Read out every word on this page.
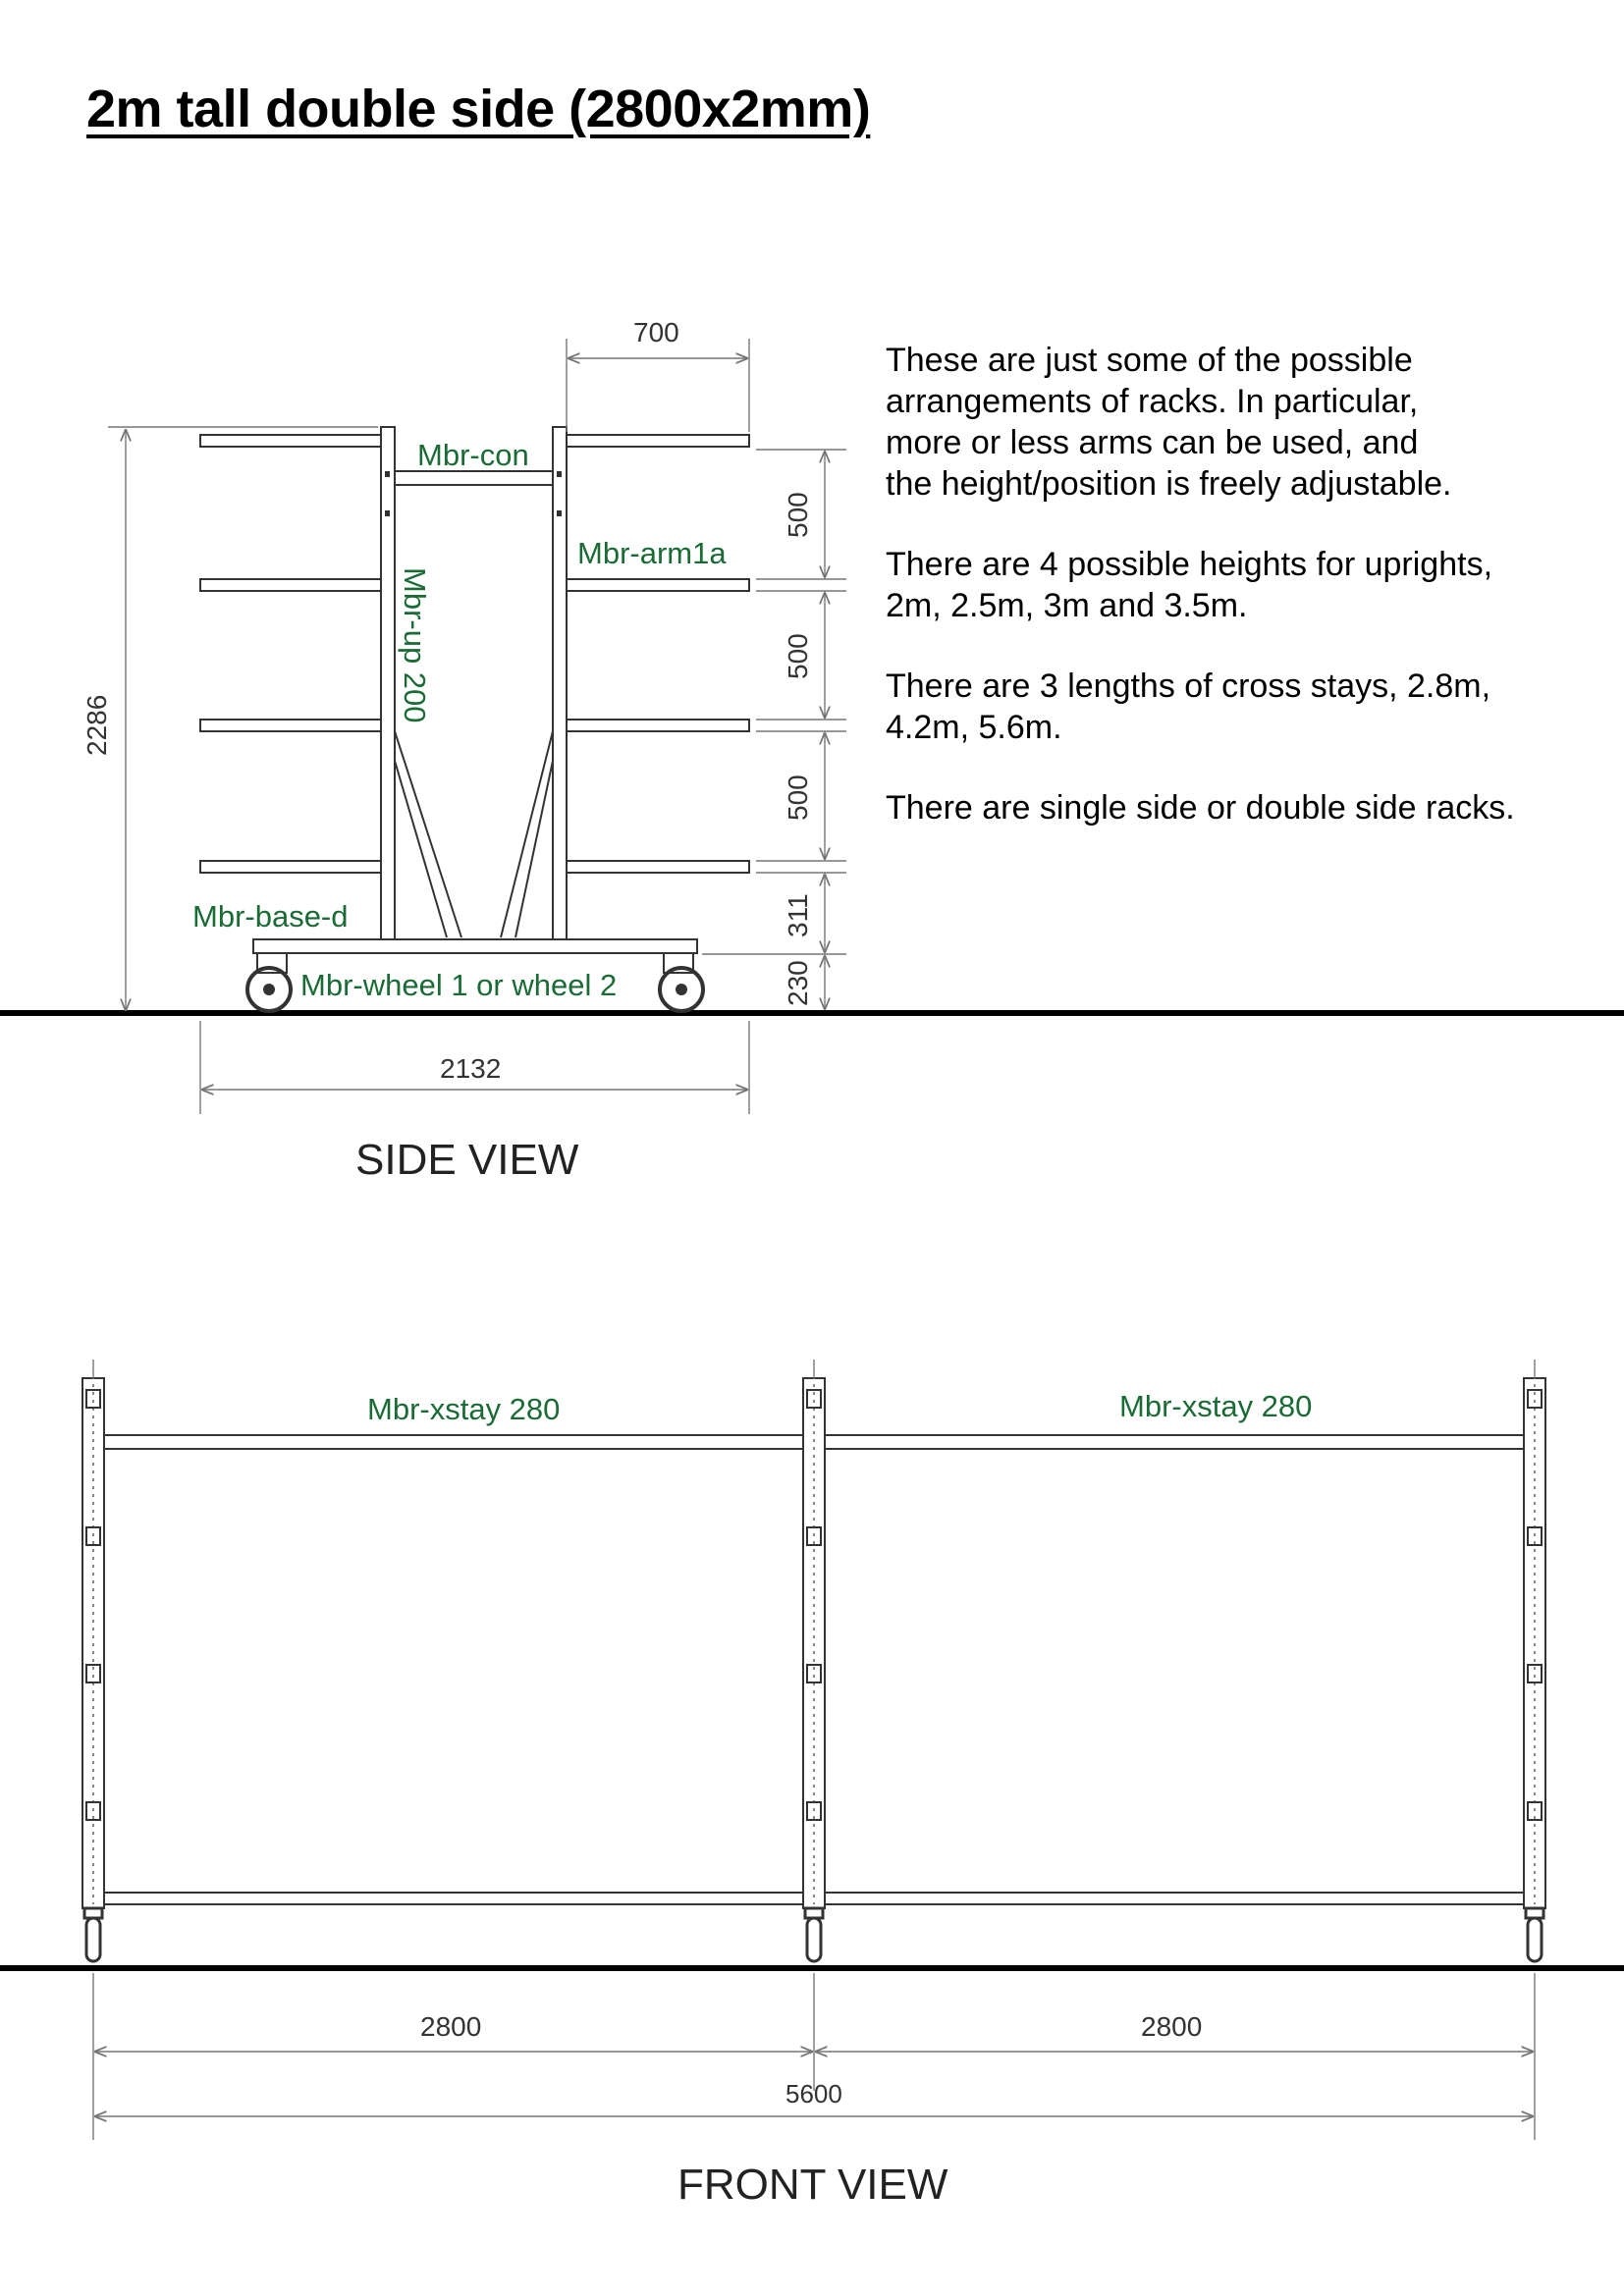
2m tall double side (2800x2mm)

These are just some of the possible
arrangements of racks. In particular,
more or less arms can be used, and
the height/position is freely adjustable.

There are 4 possible heights for uprights,
2m, 2.5m, 3m and 3.5m.

There are 3 lengths of cross stays, 2.8m,
4.2m, 5.6m.

There are single side or double side racks.

700
2286
2132
500
500
500
311
230
Mbr-con
Mbr-arm1a
Mbr-up 200
Mbr-base-d
Mbr-wheel 1 or wheel 2
SIDE VIEW
Mbr-xstay 280	Mbr-xstay 280
2800	2800
5600
FRONT VIEW
